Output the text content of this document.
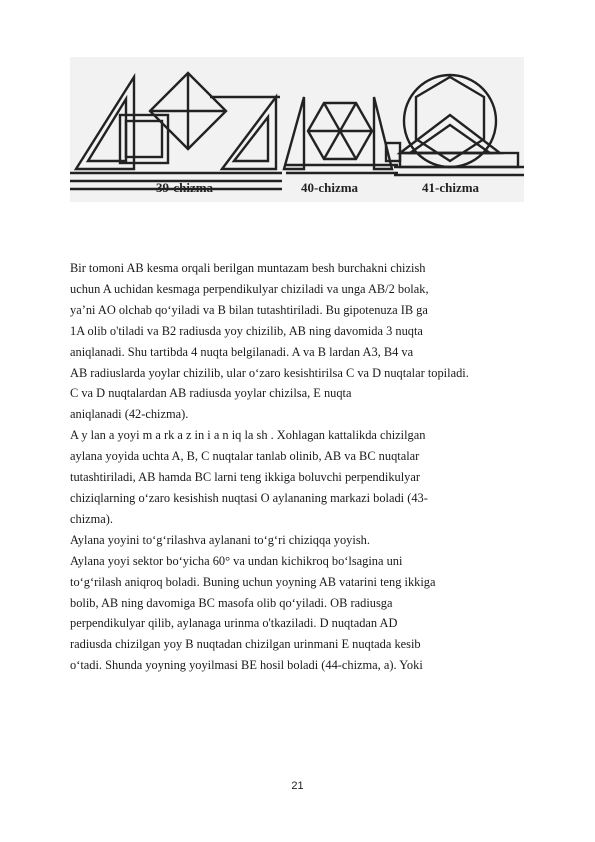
39-chizma	40-chizma	41-chizma
Bir tomoni AB kesma orqali berilgan muntazam besh burchakni chizish
uchun A uchidan kesmaga perpendikulyar chiziladi va unga AB/2 bolak,
ya’ni AO olchab qo‘yiladi va B bilan tutashtiriladi. Bu gipotenuza IB ga
1A olib o'tiladi va B2 radiusda yoy chizilib, AB ning davomida 3 nuqta
aniqlanadi. Shu tartibda 4 nuqta belgilanadi. A va B lardan A3, B4 va
AB radiuslarda yoylar chizilib, ular o‘zaro kesishtirilsa C va D nuqtalar topiladi.
C va D nuqtalardan AB radiusda yoylar chizilsa, E nuqta
aniqlanadi (42-chizma).
A y lan a yoyi m a rk a z in i a n iq la sh . Xohlagan kattalikda chizilgan
aylana yoyida uchta A, B, C nuqtalar tanlab olinib, AB va BC nuqtalar
tutashtiriladi, AB hamda BC larni teng ikkiga boluvchi perpendikulyar
chiziqlarning o‘zaro kesishish nuqtasi O aylananing markazi boladi (43-
chizma).
Aylana yoyini to‘g‘rilashva aylanani to‘g‘ri chiziqqa yoyish.
Aylana yoyi sektor bo‘yicha 60° va undan kichikroq bo‘lsagina uni
to‘g‘rilash aniqroq boladi. Buning uchun yoyning AB vatarini teng ikkiga
bolib, AB ning davomiga BC masofa olib qo‘yiladi. OB radiusga
perpendikulyar qilib, aylanaga urinma o'tkaziladi. D nuqtadan AD
radiusda chizilgan yoy B nuqtadan chizilgan urinmani E nuqtada kesib
o‘tadi. Shunda yoyning yoyilmasi BE hosil boladi (44-chizma, a). Yoki
21
